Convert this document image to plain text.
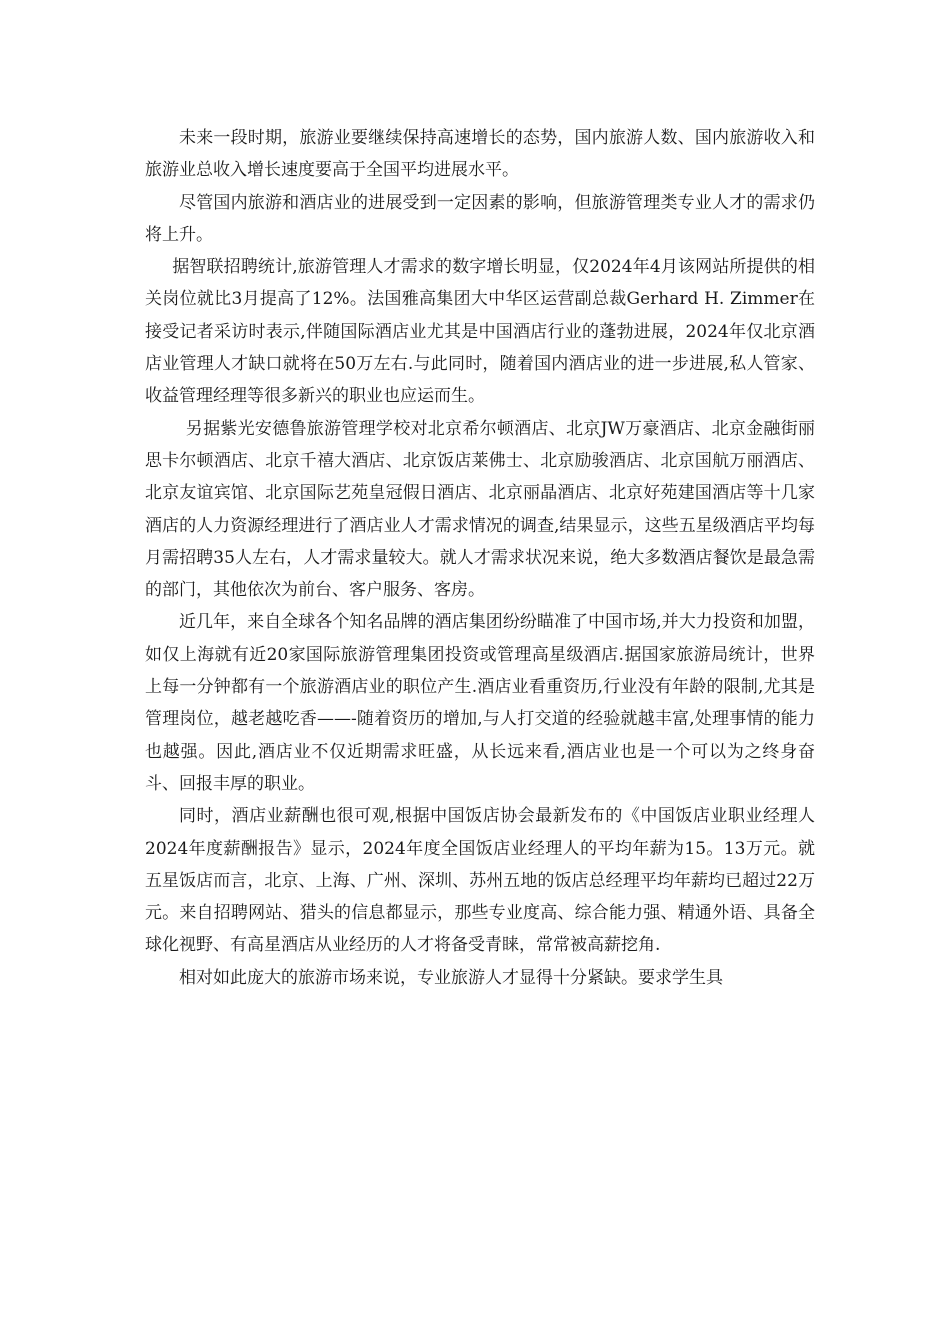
未来一段时期，旅游业要继续保持高速增长的态势，国内旅游人数、国内旅游收入和旅游业总收入增长速度要高于全国平均进展水平。

尽管国内旅游和酒店业的进展受到一定因素的影响，但旅游管理类专业人才的需求仍将上升。

据智联招聘统计,旅游管理人才需求的数字增长明显，仅2024年4月该网站所提供的相关岗位就比3月提高了12%。法国雅高集团大中华区运营副总裁Gerhard H. Zimmer在接受记者采访时表示,伴随国际酒店业尤其是中国酒店行业的蓬勃进展，2024年仅北京酒店业管理人才缺口就将在50万左右.与此同时，随着国内酒店业的进一步进展,私人管家、收益管理经理等很多新兴的职业也应运而生。

另据紫光安德鲁旅游管理学校对北京希尔顿酒店、北京JW万豪酒店、北京金融街丽思卡尔顿酒店、北京千禧大酒店、北京饭店莱佛士、北京励骏酒店、北京国航万丽酒店、北京友谊宾馆、北京国际艺苑皇冠假日酒店、北京丽晶酒店、北京好苑建国酒店等十几家酒店的人力资源经理进行了酒店业人才需求情况的调查,结果显示，这些五星级酒店平均每月需招聘35人左右，人才需求量较大。就人才需求状况来说，绝大多数酒店餐饮是最急需的部门，其他依次为前台、客户服务、客房。

近几年，来自全球各个知名品牌的酒店集团纷纷瞄准了中国市场,并大力投资和加盟，如仅上海就有近20家国际旅游管理集团投资或管理高星级酒店.据国家旅游局统计，世界上每一分钟都有一个旅游酒店业的职位产生.酒店业看重资历,行业没有年龄的限制,尤其是管理岗位，越老越吃香——-随着资历的增加,与人打交道的经验就越丰富,处理事情的能力也越强。因此,酒店业不仅近期需求旺盛，从长远来看,酒店业也是一个可以为之终身奋斗、回报丰厚的职业。

同时，酒店业薪酬也很可观,根据中国饭店协会最新发布的《中国饭店业职业经理人2024年度薪酬报告》显示，2024年度全国饭店业经理人的平均年薪为15。13万元。就五星饭店而言，北京、上海、广州、深圳、苏州五地的饭店总经理平均年薪均已超过22万元。来自招聘网站、猎头的信息都显示，那些专业度高、综合能力强、精通外语、具备全球化视野、有高星酒店从业经历的人才将备受青睐，常常被高薪挖角.

相对如此庞大的旅游市场来说，专业旅游人才显得十分紧缺。要求学生具
